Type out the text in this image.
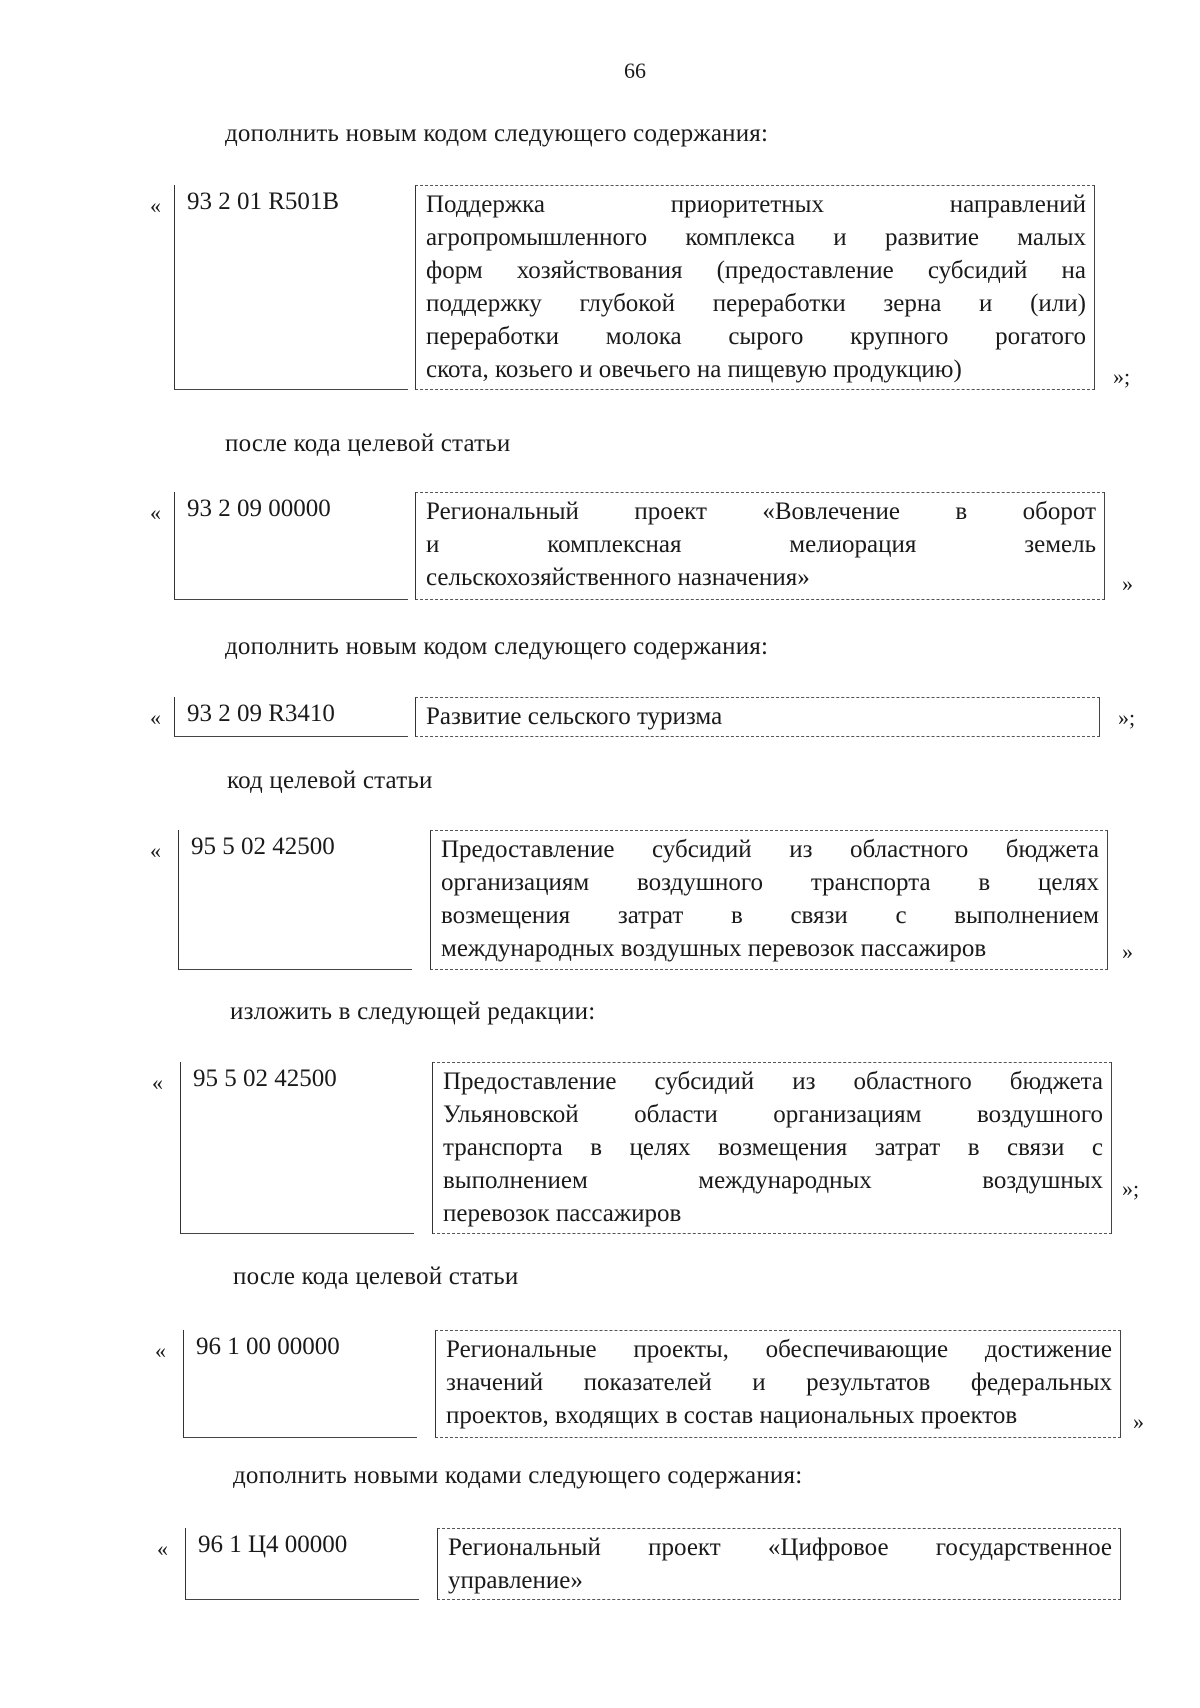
66
дополнить новым кодом следующего содержания:
«	93 2 01 R501B	Поддержка приоритетных направлений
агропромышленного комплекса и развитие малых
форм хозяйствования (предоставление субсидий на
поддержку глубокой переработки зерна и (или)
переработки молока сырого крупного рогатого
скота, козьего и овечьего на пищевую продукцию)	»;
после кода целевой статьи
«	93 2 09 00000	Региональный проект «Вовлечение в оборот
и комплексная мелиорация земель
сельскохозяйственного назначения»	»
дополнить новым кодом следующего содержания:
«	93 2 09 R3410	Развитие сельского туризма	»;
код целевой статьи
«	95 5 02 42500	Предоставление субсидий из областного бюджета
организациям воздушного транспорта в целях
возмещения затрат в связи с выполнением
международных воздушных перевозок пассажиров	»
изложить в следующей редакции:
«	95 5 02 42500	Предоставление субсидий из областного бюджета
Ульяновской области организациям воздушного
транспорта в целях возмещения затрат в связи с
выполнением международных воздушных
перевозок пассажиров
»;
после кода целевой статьи
«	96 1 00 00000	Региональные проекты, обеспечивающие достижение
значений показателей и результатов федеральных
проектов, входящих в состав национальных проектов	»
дополнить новыми кодами следующего содержания:
«	96 1 Ц4 00000	Региональный проект «Цифровое государственное
управление»
